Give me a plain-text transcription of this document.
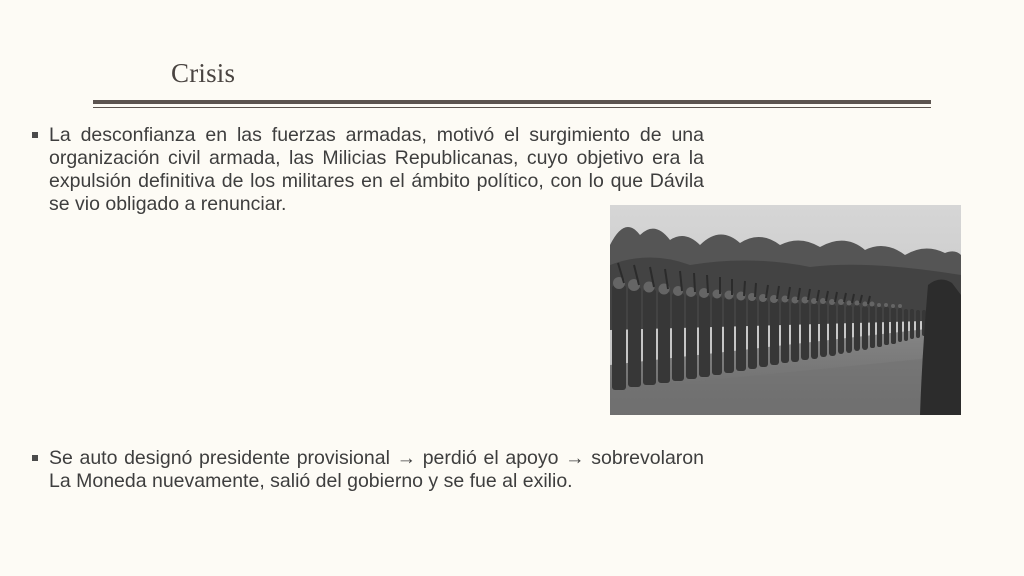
Crisis
La desconfianza en las fuerzas armadas, motivó el surgimiento de una organización civil armada, las Milicias Republicanas, cuyo objetivo era la expulsión definitiva de los militares en el ámbito político, con lo que Dávila se vio obligado a renunciar.
Se auto designó presidente provisional → perdió el apoyo → sobrevolaron La Moneda nuevamente, salió del gobierno y se fue al exilio.
